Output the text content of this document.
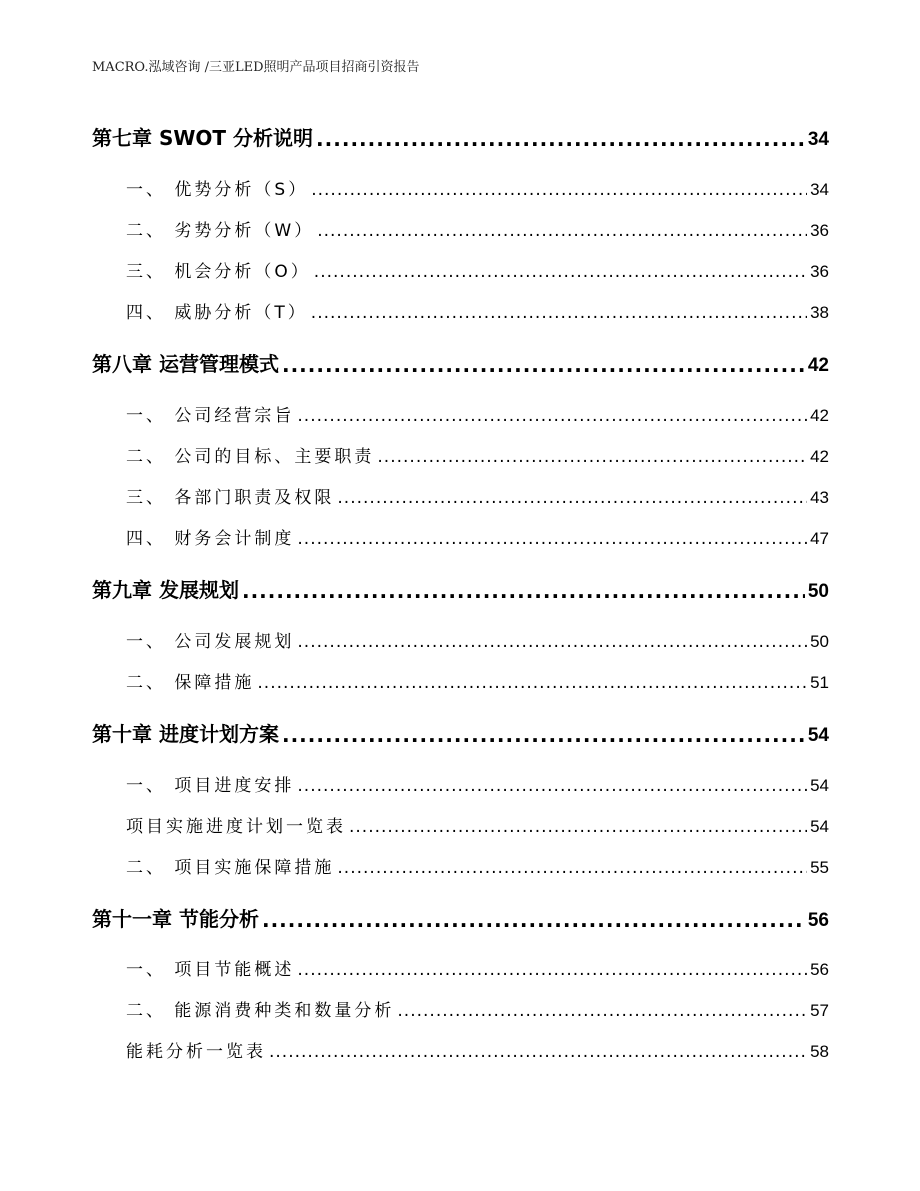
MACRO.泓域咨询 /三亚LED照明产品项目招商引资报告
第七章 SWOT 分析说明 .....	34
一、 优势分析（S） .....	34
二、 劣势分析（W） .....	36
三、 机会分析（O） .....	36
四、 威胁分析（T） .....	38
第八章 运营管理模式 .....	42
一、 公司经营宗旨 .....	42
二、 公司的目标、主要职责 .....	42
三、 各部门职责及权限 .....	43
四、 财务会计制度 .....	47
第九章 发展规划 .....	50
一、 公司发展规划 .....	50
二、 保障措施 .....	51
第十章 进度计划方案 .....	54
一、 项目进度安排 .....	54
项目实施进度计划一览表 .....	54
二、 项目实施保障措施 .....	55
第十一章 节能分析 .....	56
一、 项目节能概述 .....	56
二、 能源消费种类和数量分析 .....	57
能耗分析一览表 .....	58
